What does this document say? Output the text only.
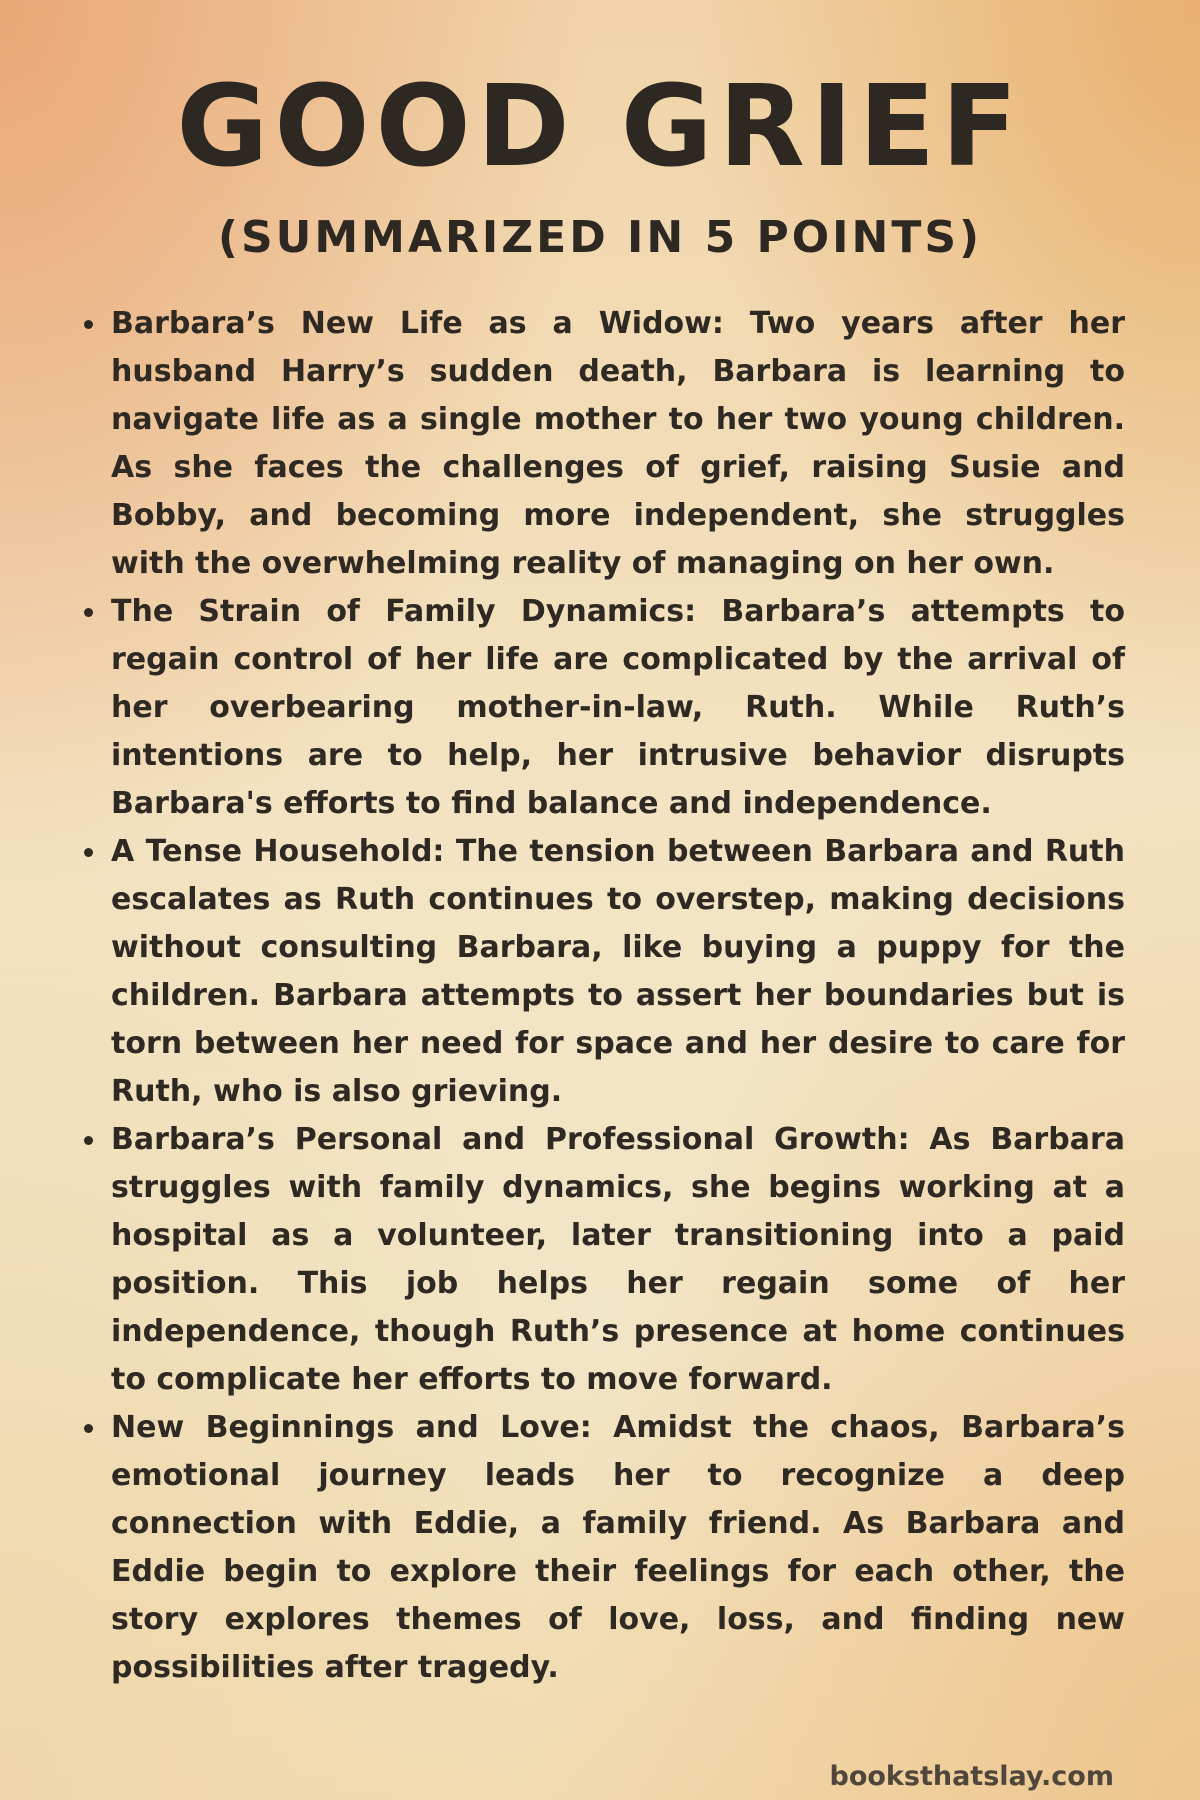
GOOD GRIEF
(SUMMARIZED IN 5 POINTS)
Barbara’s New Life as a Widow: Two years after her husband Harry’s sudden death, Barbara is learning to navigate life as a single mother to her two young children. As she faces the challenges of grief, raising Susie and Bobby, and becoming more independent, she struggles with the overwhelming reality of managing on her own.
The Strain of Family Dynamics: Barbara’s attempts to regain control of her life are complicated by the arrival of her overbearing mother-in-law, Ruth. While Ruth’s intentions are to help, her intrusive behavior disrupts Barbara's efforts to find balance and independence.
A Tense Household: The tension between Barbara and Ruth escalates as Ruth continues to overstep, making decisions without consulting Barbara, like buying a puppy for the children. Barbara attempts to assert her boundaries but is torn between her need for space and her desire to care for Ruth, who is also grieving.
Barbara’s Personal and Professional Growth: As Barbara struggles with family dynamics, she begins working at a hospital as a volunteer, later transitioning into a paid position. This job helps her regain some of her independence, though Ruth’s presence at home continues to complicate her efforts to move forward.
New Beginnings and Love: Amidst the chaos, Barbara’s emotional journey leads her to recognize a deep connection with Eddie, a family friend. As Barbara and Eddie begin to explore their feelings for each other, the story explores themes of love, loss, and finding new possibilities after tragedy.
booksthatslay.com
